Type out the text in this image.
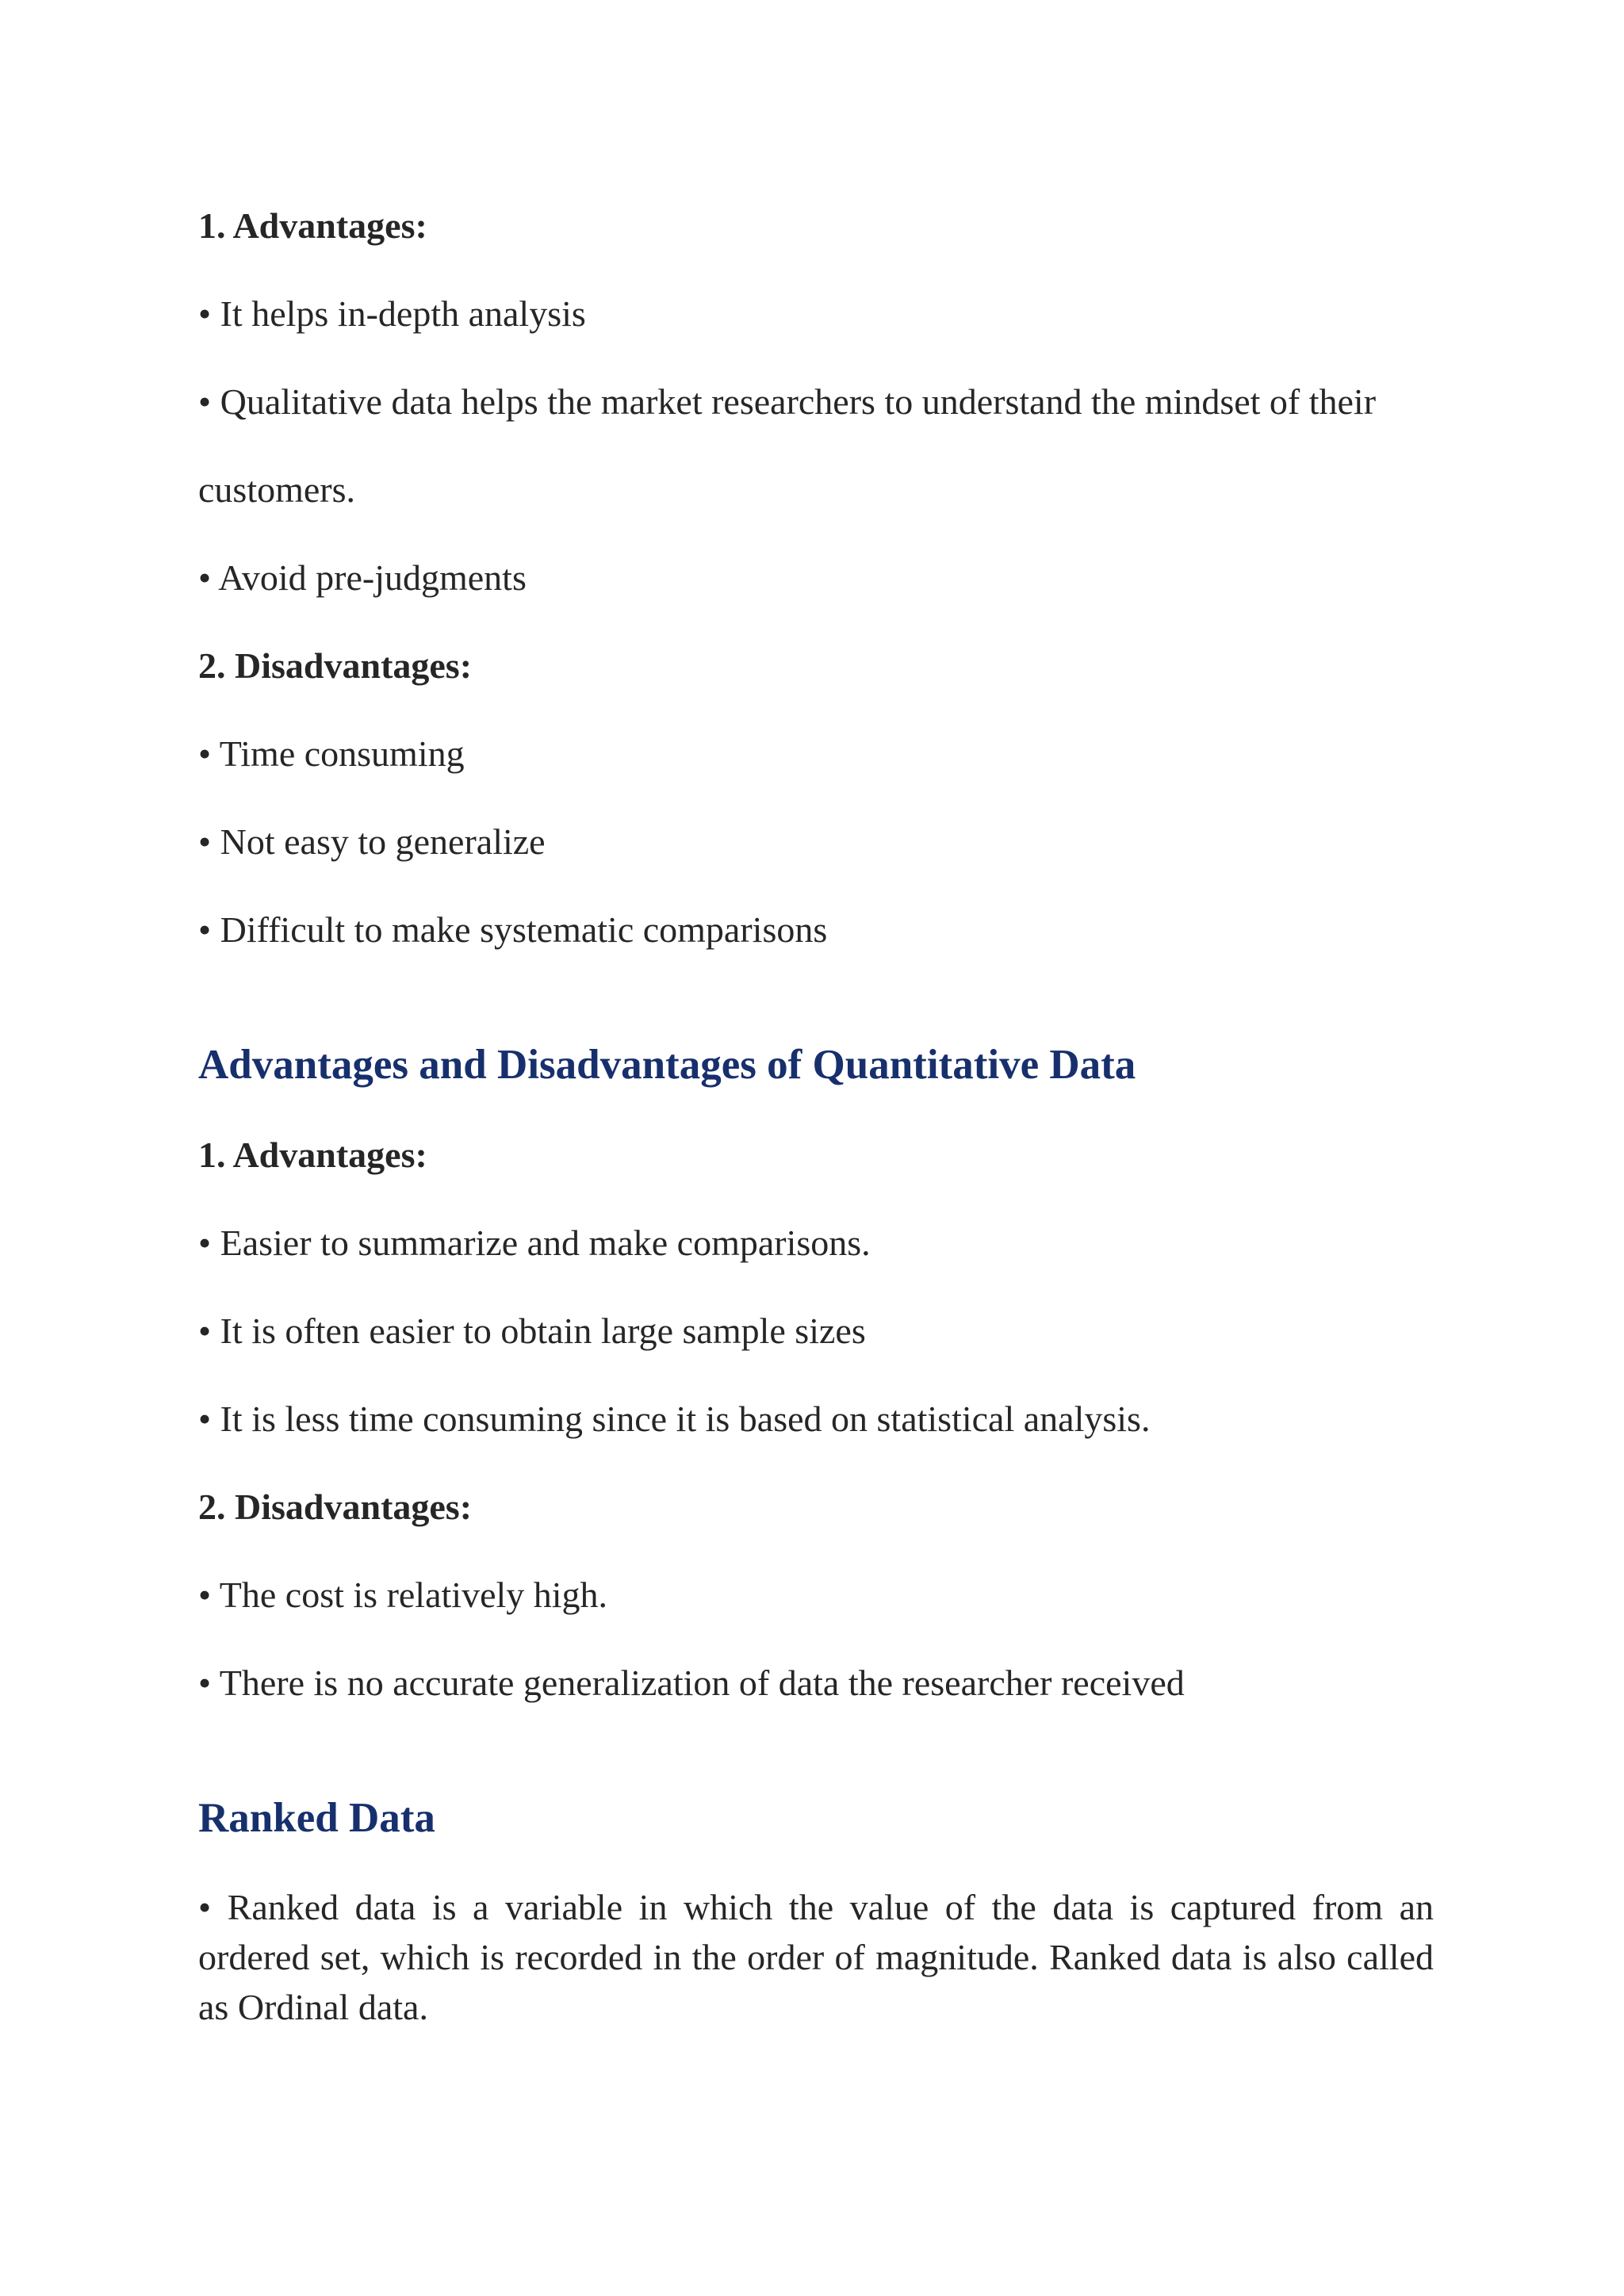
1. Advantages:

• It helps in-depth analysis

• Qualitative data helps the market researchers to understand the mindset of their

customers.

• Avoid pre-judgments

2. Disadvantages:

• Time consuming

• Not easy to generalize

• Difficult to make systematic comparisons

Advantages and Disadvantages of Quantitative Data

1. Advantages:

• Easier to summarize and make comparisons.

• It is often easier to obtain large sample sizes

• It is less time consuming since it is based on statistical analysis.

2. Disadvantages:

• The cost is relatively high.

• There is no accurate generalization of data the researcher received

Ranked Data

• Ranked data is a variable in which the value of the data is captured from an ordered set, which is recorded in the order of magnitude. Ranked data is also called as Ordinal data.
